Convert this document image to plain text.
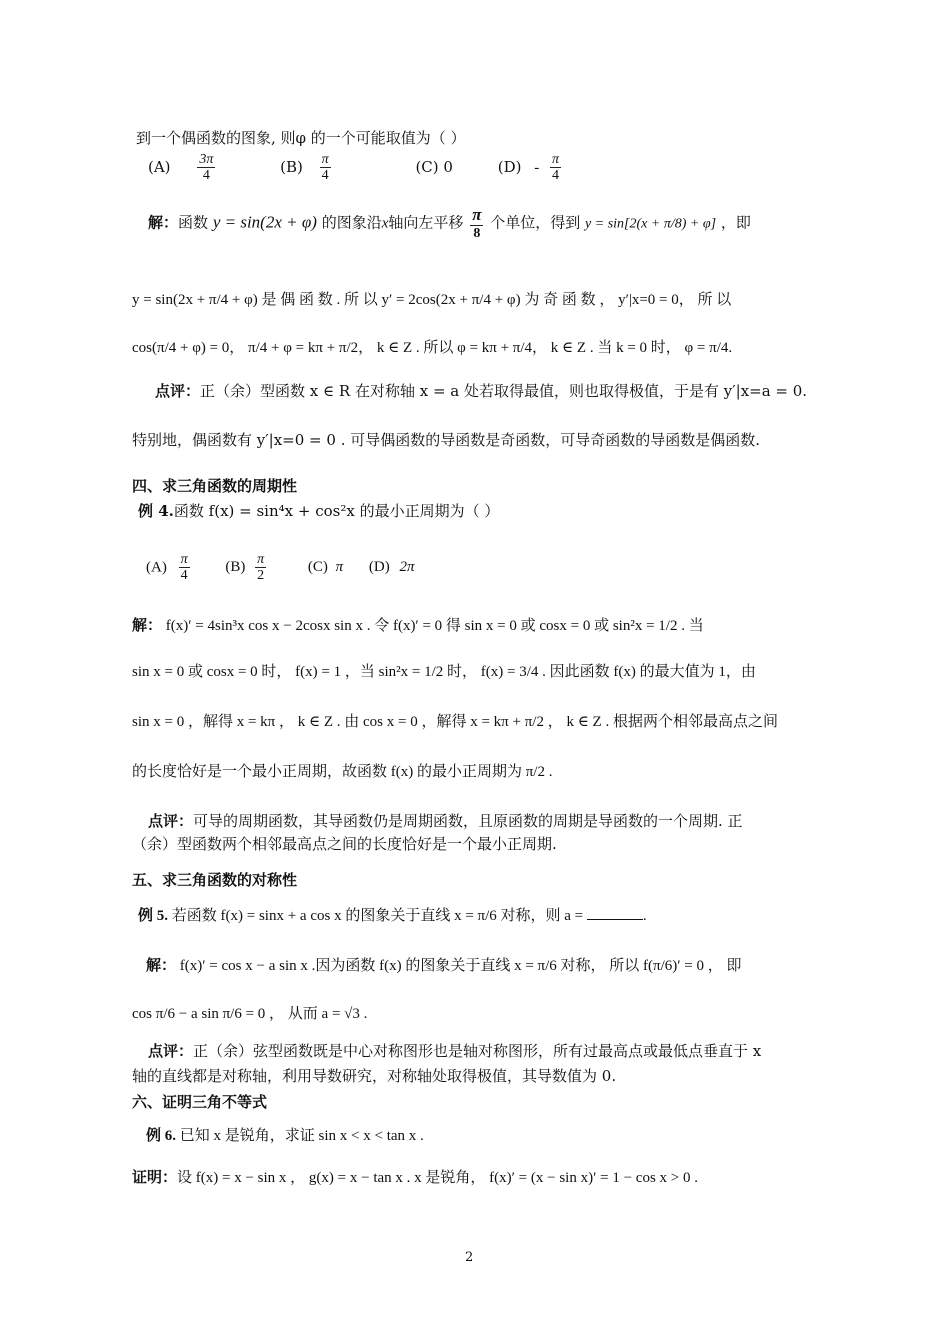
到一个偶函数的图象, 则φ 的一个可能取值为（ ）
$(A) \frac{3\pi}{4}$	$(B) \frac{\pi}{4}$	(C) 0	$(D) - \frac{\pi}{4}$
解：函数 y = sin(2x + φ) 的图象沿x轴向左平移 $\frac{\pi}{8}$ 个单位，得到 y = sin[2(x + π/8) + φ] ，即
y = sin(2x + π/4 + φ) 是 偶 函 数 . 所 以 y′ = 2cos(2x + π/4 + φ) 为 奇 函 数 ， y′|x=0 = 0， 所 以
cos(π/4 + φ) = 0， π/4 + φ = kπ + π/2， k ∈ Z . 所以 φ = kπ + π/4， k ∈ Z . 当 k = 0 时， φ = π/4.
点评：正（余）型函数 x ∈ R 在对称轴 x = a 处若取得最值，则也取得极值，于是有 y′|x=a = 0.
特别地，偶函数有 y′|x=0 = 0 . 可导偶函数的导函数是奇函数，可导奇函数的导函数是偶函数.
四、求三角函数的周期性
例 4.函数 f(x) = sin⁴x + cos²x 的最小正周期为（ ）
$(A) \frac{\pi}{4} (B) \frac{\pi}{2}$	(C) π (D) 2π
解： f(x)′ = 4sin³x cos x − 2cosx sin x . 令 f(x)′ = 0 得 sin x = 0 或 cosx = 0 或 sin²x = 1/2 . 当
sin x = 0 或 cosx = 0 时， f(x) = 1 ，当 sin²x = 1/2 时， f(x) = 3/4 . 因此函数 f(x) 的最大值为 1，由
sin x = 0 ，解得 x = kπ ， k ∈ Z . 由 cos x = 0 ，解得 x = kπ + π/2 ， k ∈ Z . 根据两个相邻最高点之间
的长度恰好是一个最小正周期，故函数 f(x) 的最小正周期为 π/2 .
点评：可导的周期函数，其导函数仍是周期函数，且原函数的周期是导函数的一个周期. 正
（余）型函数两个相邻最高点之间的长度恰好是一个最小正周期.
五、求三角函数的对称性
例 5. 若函数 f(x) = sinx + a cos x 的图象关于直线 x = π/6 对称，则 a =	.
解： f(x)′ = cos x − a sin x .因为函数 f(x) 的图象关于直线 x = π/6 对称， 所以 f(π/6)′ = 0 ， 即
cos π/6 − a sin π/6 = 0 ， 从而 a = √3 .
点评：正（余）弦型函数既是中心对称图形也是轴对称图形，所有过最高点或最低点垂直于 x
轴的直线都是对称轴，利用导数研究，对称轴处取得极值，其导数值为 0.
六、证明三角不等式
例 6. 已知 x 是锐角，求证 sin x < x < tan x .
证明：设 f(x) = x − sin x ， g(x) = x − tan x . x 是锐角， f(x)′ = (x − sin x)′ = 1 − cos x > 0 .
2
